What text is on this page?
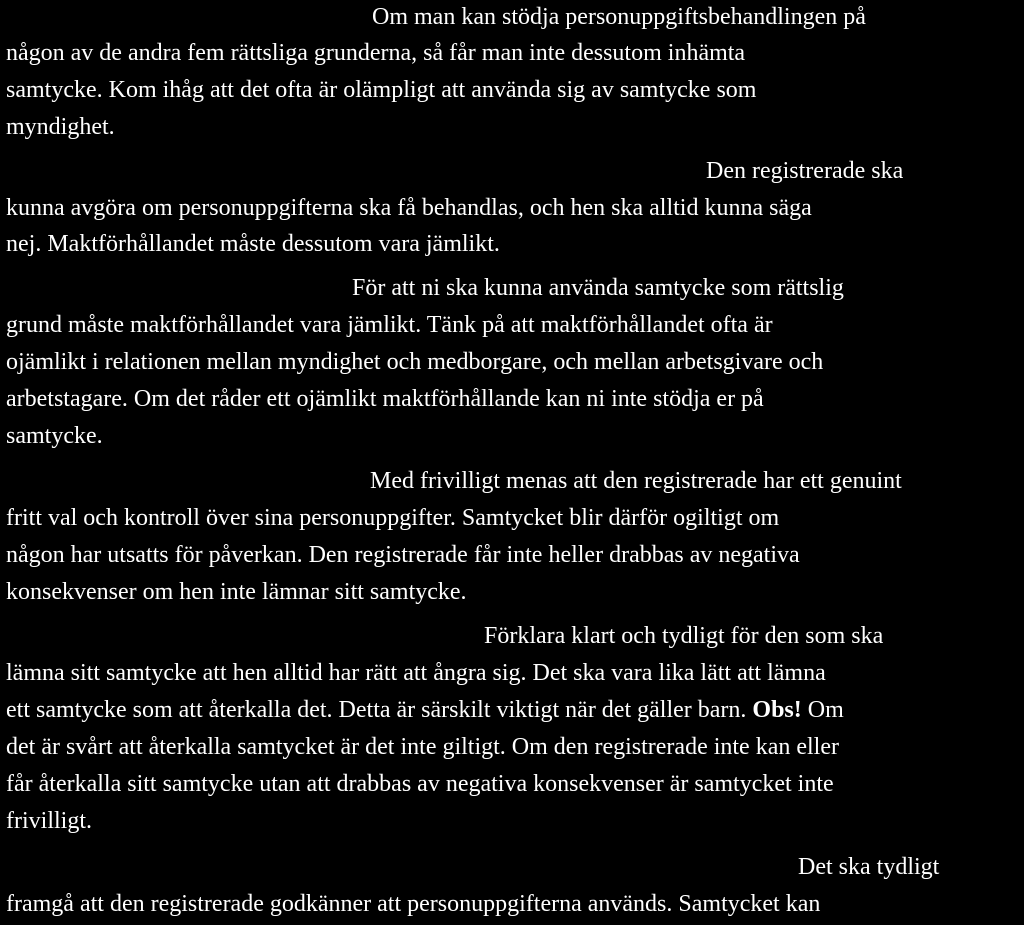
Om man kan stödja personuppgiftsbehandlingen på
någon av de andra fem rättsliga grunderna, så får man inte dessutom inhämta
samtycke. Kom ihåg att det ofta är olämpligt att använda sig av samtycke som
myndighet.
Den registrerade ska
kunna avgöra om personuppgifterna ska få behandlas, och hen ska alltid kunna säga
nej. Maktförhållandet måste dessutom vara jämlikt.
För att ni ska kunna använda samtycke som rättslig
grund måste maktförhållandet vara jämlikt. Tänk på att maktförhållandet ofta är
ojämlikt i relationen mellan myndighet och medborgare, och mellan arbetsgivare och
arbetstagare. Om det råder ett ojämlikt maktförhållande kan ni inte stödja er på
samtycke.
Med frivilligt menas att den registrerade har ett genuint
fritt val och kontroll över sina personuppgifter. Samtycket blir därför ogiltigt om
någon har utsatts för påverkan. Den registrerade får inte heller drabbas av negativa
konsekvenser om hen inte lämnar sitt samtycke.
Förklara klart och tydligt för den som ska
lämna sitt samtycke att hen alltid har rätt att ångra sig. Det ska vara lika lätt att lämna
ett samtycke som att återkalla det. Detta är särskilt viktigt när det gäller barn. Obs! Om
det är svårt att återkalla samtycket är det inte giltigt. Om den registrerade inte kan eller
får återkalla sitt samtycke utan att drabbas av negativa konsekvenser är samtycket inte
frivilligt.
Det ska tydligt
framgå att den registrerade godkänner att personuppgifterna används. Samtycket kan
